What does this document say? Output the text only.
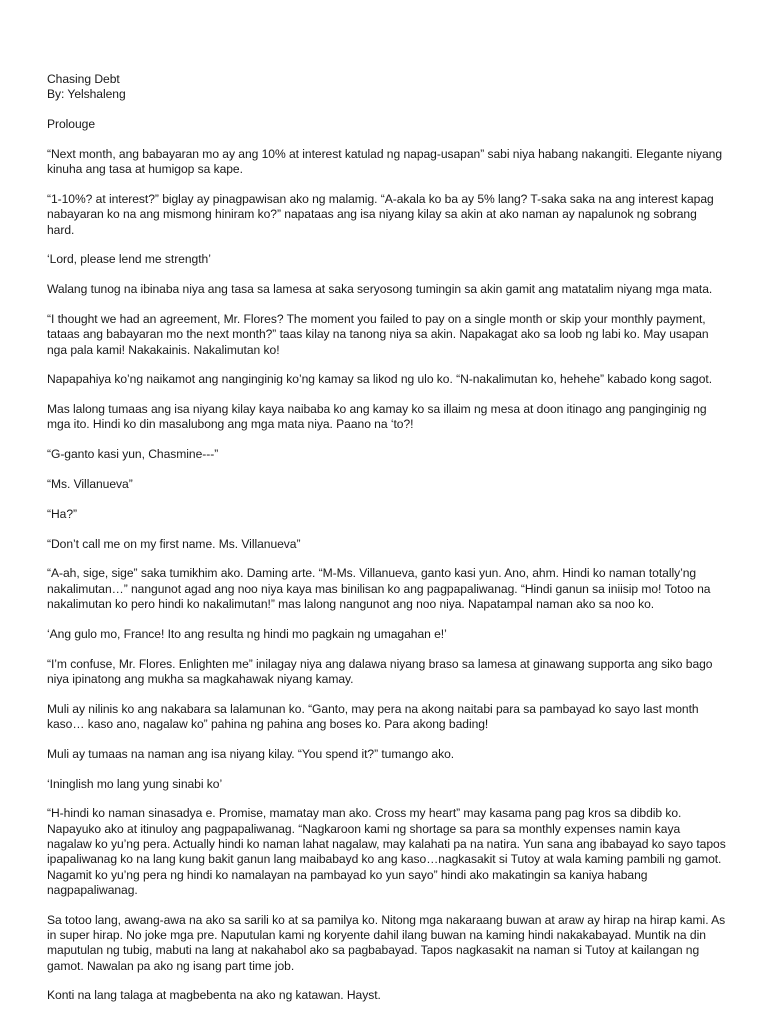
Chasing Debt

By: Yelshaleng

Prolouge

“Next month, ang babayaran mo ay ang 10% at interest katulad ng napag-usapan” sabi niya habang nakangiti. Elegante niyang kinuha ang tasa at humigop sa kape.

“1-10%? at interest?” biglay ay pinagpawisan ako ng malamig. “A-akala ko ba ay 5% lang? T-saka saka na ang interest kapag nabayaran ko na ang mismong hiniram ko?” napataas ang isa niyang kilay sa akin at ako naman ay napalunok ng sobrang hard.

‘Lord, please lend me strength’

Walang tunog na ibinaba niya ang tasa sa lamesa at saka seryosong tumingin sa akin gamit ang matatalim niyang mga mata.

“I thought we had an agreement, Mr. Flores? The moment you failed to pay on a single month or skip your monthly payment, tataas ang babayaran mo the next month?” taas kilay na tanong niya sa akin. Napakagat ako sa loob ng labi ko. May usapan nga pala kami! Nakakainis. Nakalimutan ko!

Napapahiya ko’ng naikamot ang nanginginig ko’ng kamay sa likod ng ulo ko. “N-nakalimutan ko, hehehe” kabado kong sagot.

Mas lalong tumaas ang isa niyang kilay kaya naibaba ko ang kamay ko sa illaim ng mesa at doon itinago ang panginginig ng mga ito. Hindi ko din masalubong ang mga mata niya. Paano na ‘to?!

“G-ganto kasi yun, Chasmine---”

“Ms. Villanueva”

“Ha?”

“Don’t call me on my first name. Ms. Villanueva”

“A-ah, sige, sige” saka tumikhim ako. Daming arte. “M-Ms. Villanueva, ganto kasi yun. Ano, ahm. Hindi ko naman totally’ng nakalimutan…” nangunot agad ang noo niya kaya mas binilisan ko ang pagpapaliwanag. “Hindi ganun sa iniisip mo! Totoo na nakalimutan ko pero hindi ko nakalimutan!” mas lalong nangunot ang noo niya. Napatampal naman ako sa noo ko.

‘Ang gulo mo, France! Ito ang resulta ng hindi mo pagkain ng umagahan e!’

“I’m confuse, Mr. Flores. Enlighten me” inilagay niya ang dalawa niyang braso sa lamesa at ginawang supporta ang siko bago niya ipinatong ang mukha sa magkahawak niyang kamay.

Muli ay nilinis ko ang nakabara sa lalamunan ko. “Ganto, may pera na akong naitabi para sa pambayad ko sayo last month kaso… kaso ano, nagalaw ko” pahina ng pahina ang boses ko. Para akong bading!

Muli ay tumaas na naman ang isa niyang kilay. “You spend it?” tumango ako.

‘Ininglish mo lang yung sinabi ko’

“H-hindi ko naman sinasadya e. Promise, mamatay man ako. Cross my heart” may kasama pang pag kros sa dibdib ko. Napayuko ako at itinuloy ang pagpapaliwanag. “Nagkaroon kami ng shortage sa para sa monthly expenses namin kaya nagalaw ko yu’ng pera. Actually hindi ko naman lahat nagalaw, may kalahati pa na natira. Yun sana ang ibabayad ko sayo tapos ipapaliwanag ko na lang kung bakit ganun lang maibabayd ko ang kaso…nagkasakit si Tutoy at wala kaming pambili ng gamot. Nagamit ko yu’ng pera ng hindi ko namalayan na pambayad ko yun sayo” hindi ako makatingin sa kaniya habang nagpapaliwanag.

Sa totoo lang, awang-awa na ako sa sarili ko at sa pamilya ko. Nitong mga nakaraang buwan at araw ay hirap na hirap kami. As in super hirap. No joke mga pre. Naputulan kami ng koryente dahil ilang buwan na kaming hindi nakakabayad. Muntik na din maputulan ng tubig, mabuti na lang at nakahabol ako sa pagbabayad. Tapos nagkasakit na naman si Tutoy at kailangan ng gamot. Nawalan pa ako ng isang part time job.

Konti na lang talaga at magbebenta na ako ng katawan. Hayst.
